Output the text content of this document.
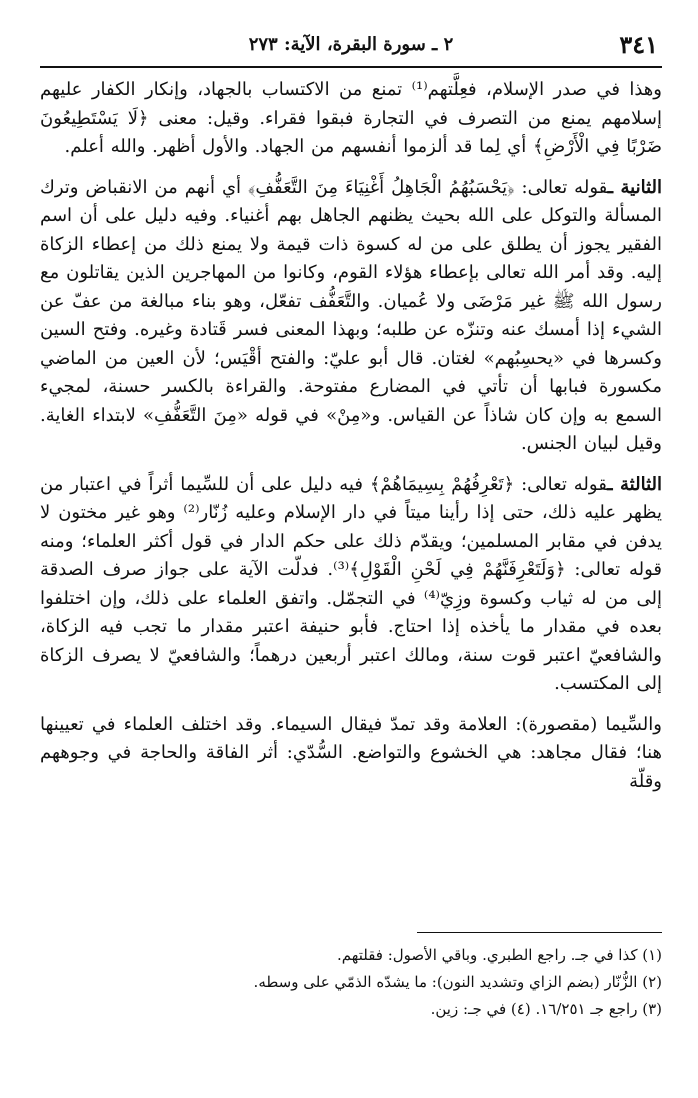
٣٤١
٢ ـ سورة البقرة، الآية: ٢٧٣

وهذا في صدر الإسلام، فعِلَّتهم⁽¹⁾ تمنع من الاكتساب بالجهاد، وإنكار الكفار عليهم إسلامهم يمنع من التصرف في التجارة فبقوا فقراء. وقيل: معنى ﴿لَا يَسْتَطِيعُونَ ضَرْبًا فِي الْأَرْضِ﴾ أي لِما قد ألزموا أنفسهم من الجهاد. والأول أظهر. والله أعلم.

الثانية ـقوله تعالى: ﴿يَحْسَبُهُمُ الْجَاهِلُ أَغْنِيَاءَ مِنَ التَّعَفُّفِ﴾ أي أنهم من الانقباض وترك المسألة والتوكل على الله بحيث يظنهم الجاهل بهم أغنياء. وفيه دليل على أن اسم الفقير يجوز أن يطلق على من له كسوة ذات قيمة ولا يمنع ذلك من إعطاء الزكاة إليه. وقد أمر الله تعالى بإعطاء هؤلاء القوم، وكانوا من المهاجرين الذين يقاتلون مع رسول الله ﷺ غير مَرْضَى ولا عُميان. والتَّعَفُّف تفعّل، وهو بناء مبالغة من عفّ عن الشيء إذا أمسك عنه وتنزّه عن طلبه؛ وبهذا المعنى فسر قَتادة وغيره. وفتح السين وكسرها في «يحسِبُهم» لغتان. قال أبو عليّ: والفتح أقْيَس؛ لأن العين من الماضي مكسورة فبابها أن تأتي في المضارع مفتوحة. والقراءة بالكسر حسنة، لمجيء السمع به وإن كان شاذاً عن القياس. و«مِنْ» في قوله «مِنَ التَّعَفُّفِ» لابتداء الغاية. وقيل لبيان الجنس.

الثالثة ـقوله تعالى: ﴿تَعْرِفُهُمْ بِسِيمَاهُمْ﴾ فيه دليل على أن للسِّيما أثراً في اعتبار من يظهر عليه ذلك، حتى إذا رأينا ميتاً في دار الإسلام وعليه زُنّار⁽²⁾ وهو غير مختون لا يدفن في مقابر المسلمين؛ ويقدّم ذلك على حكم الدار في قول أكثر العلماء؛ ومنه قوله تعالى: ﴿وَلَتَعْرِفَنَّهُمْ فِي لَحْنِ الْقَوْلِ﴾⁽³⁾. فدلّت الآية على جواز صرف الصدقة إلى من له ثياب وكسوة وزِيّ⁽⁴⁾ في التجمّل. واتفق العلماء على ذلك، وإن اختلفوا بعده في مقدار ما يأخذه إذا احتاج. فأبو حنيفة اعتبر مقدار ما تجب فيه الزكاة، والشافعيّ اعتبر قوت سنة، ومالك اعتبر أربعين درهماً؛ والشافعيّ لا يصرف الزكاة إلى المكتسب.

والسِّيما (مقصورة): العلامة وقد تمدّ فيقال السيماء. وقد اختلف العلماء في تعيينها هنا؛ فقال مجاهد: هي الخشوع والتواضع. السُّدّي: أثر الفاقة والحاجة في وجوههم وقلّة

(١) كذا في جـ. راجع الطبري. وباقي الأصول: فقلتهم.

(٢) الزُّنّار (بضم الزاي وتشديد النون): ما يشدّه الذمّي على وسطه.

(٣) راجع جـ ١٦/٢٥١. (٤) في جـ: زين.
